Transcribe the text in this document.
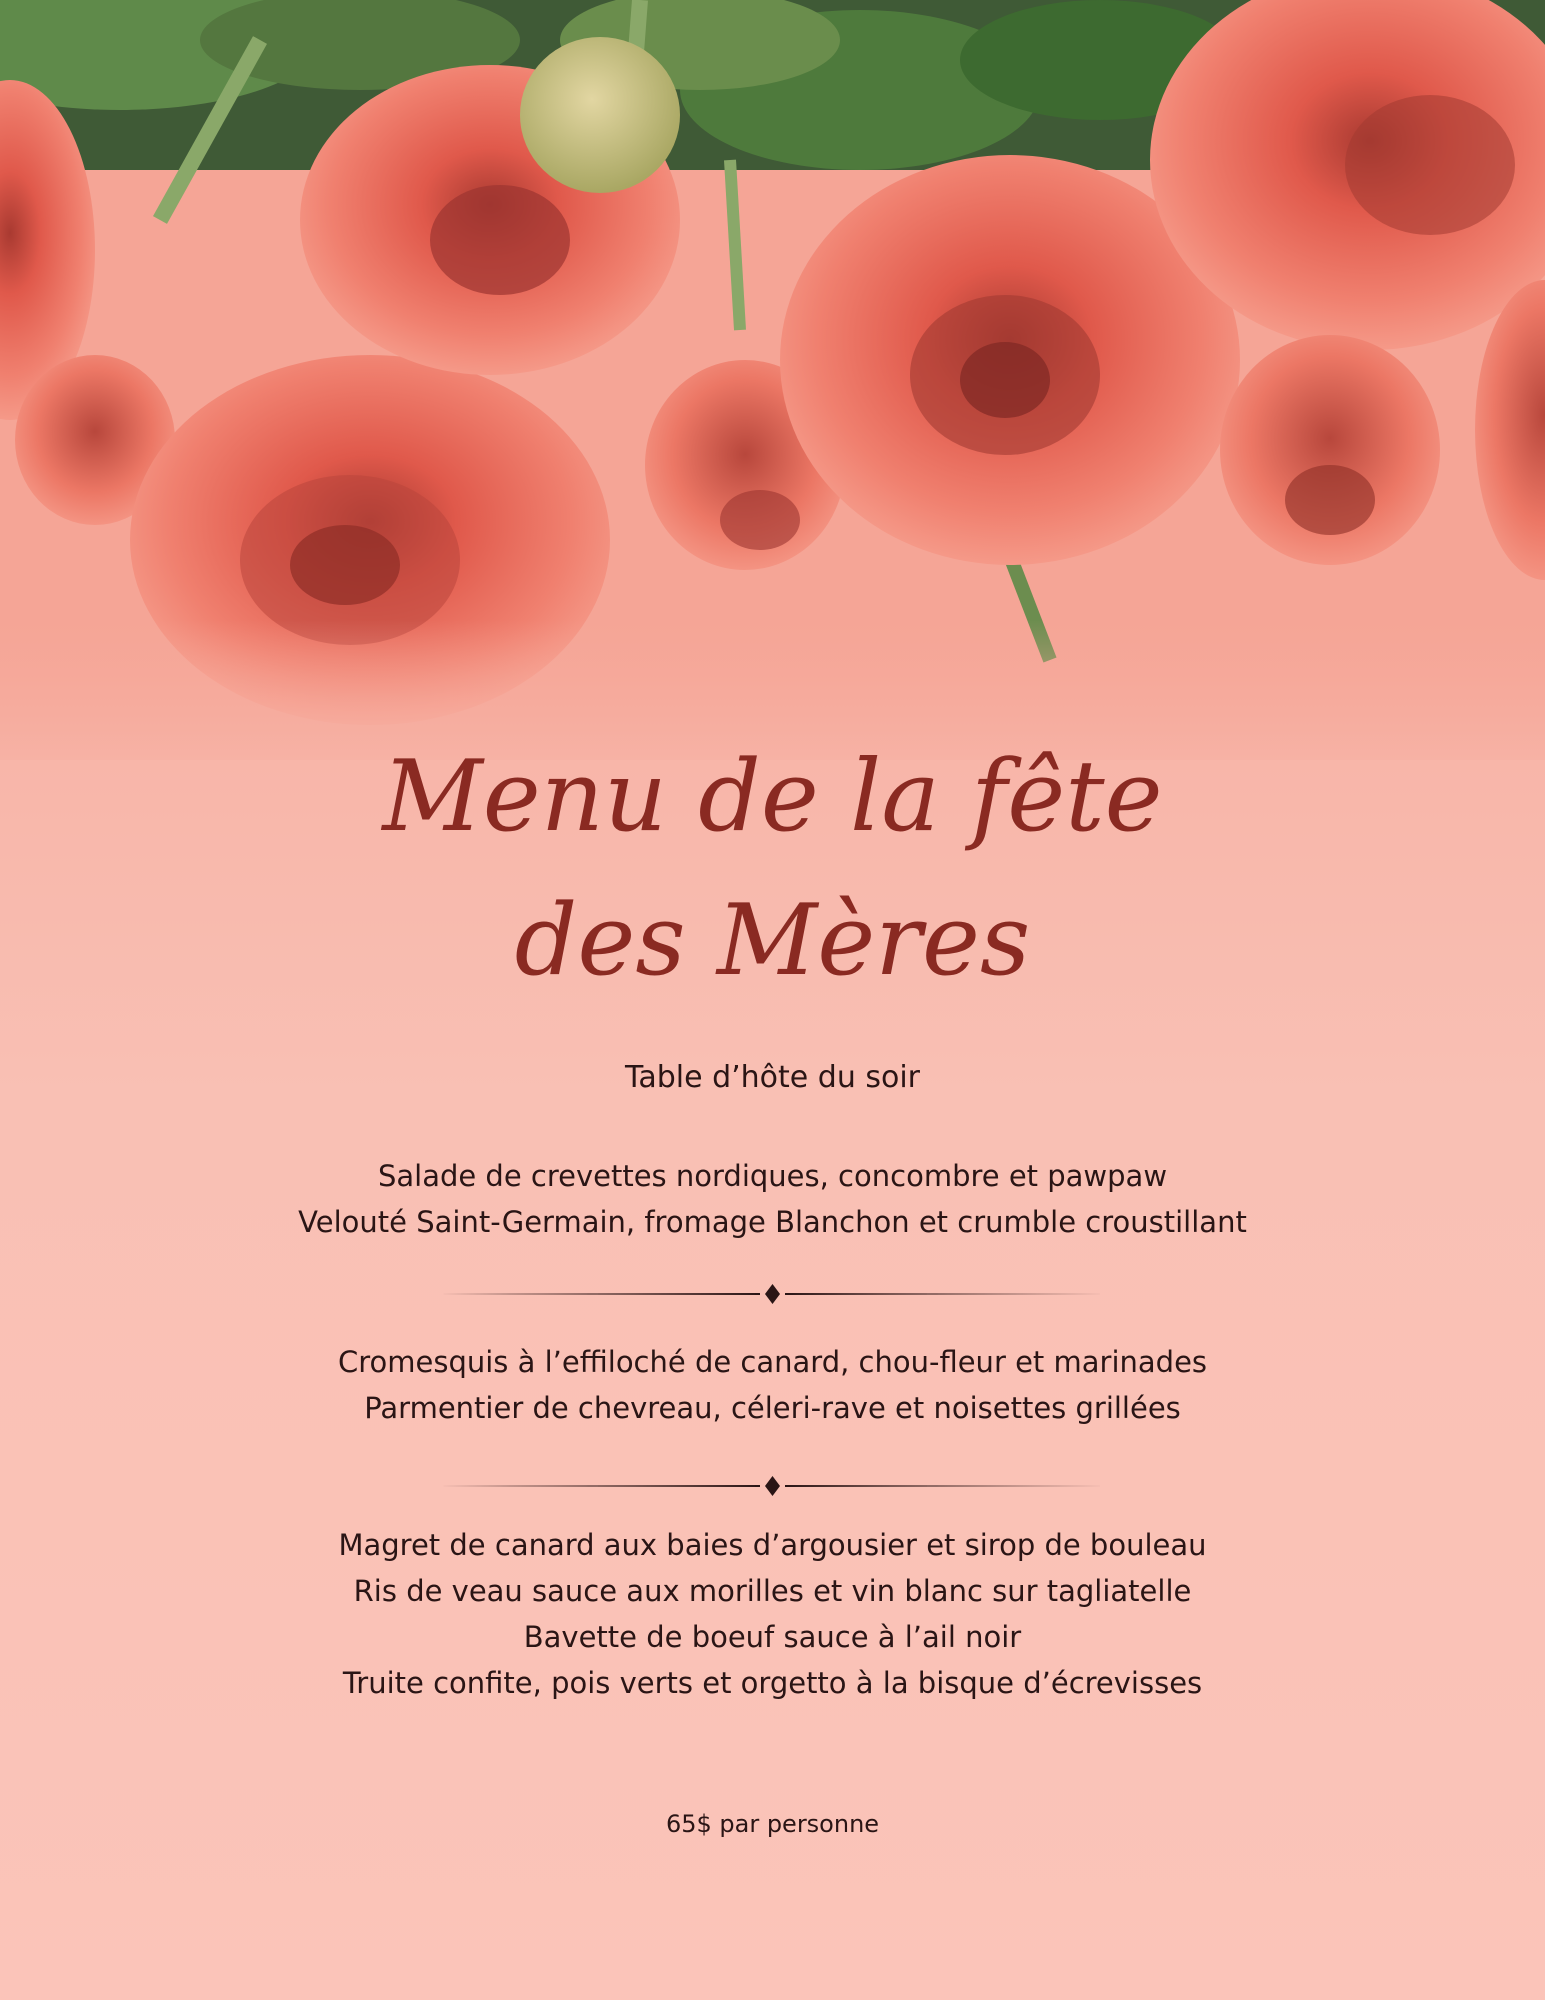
Menu de la fête
des Mères
Table d’hôte du soir
Salade de crevettes nordiques, concombre et pawpaw
Velouté Saint-Germain, fromage Blanchon et crumble croustillant
Cromesquis à l’effiloché de canard, chou-fleur et marinades
Parmentier de chevreau, céleri-rave et noisettes grillées
Magret de canard aux baies d’argousier et sirop de bouleau
Ris de veau sauce aux morilles et vin blanc sur tagliatelle
Bavette de boeuf sauce à l’ail noir
Truite confite, pois verts et orgetto à la bisque d’écrevisses
65$ par personne
